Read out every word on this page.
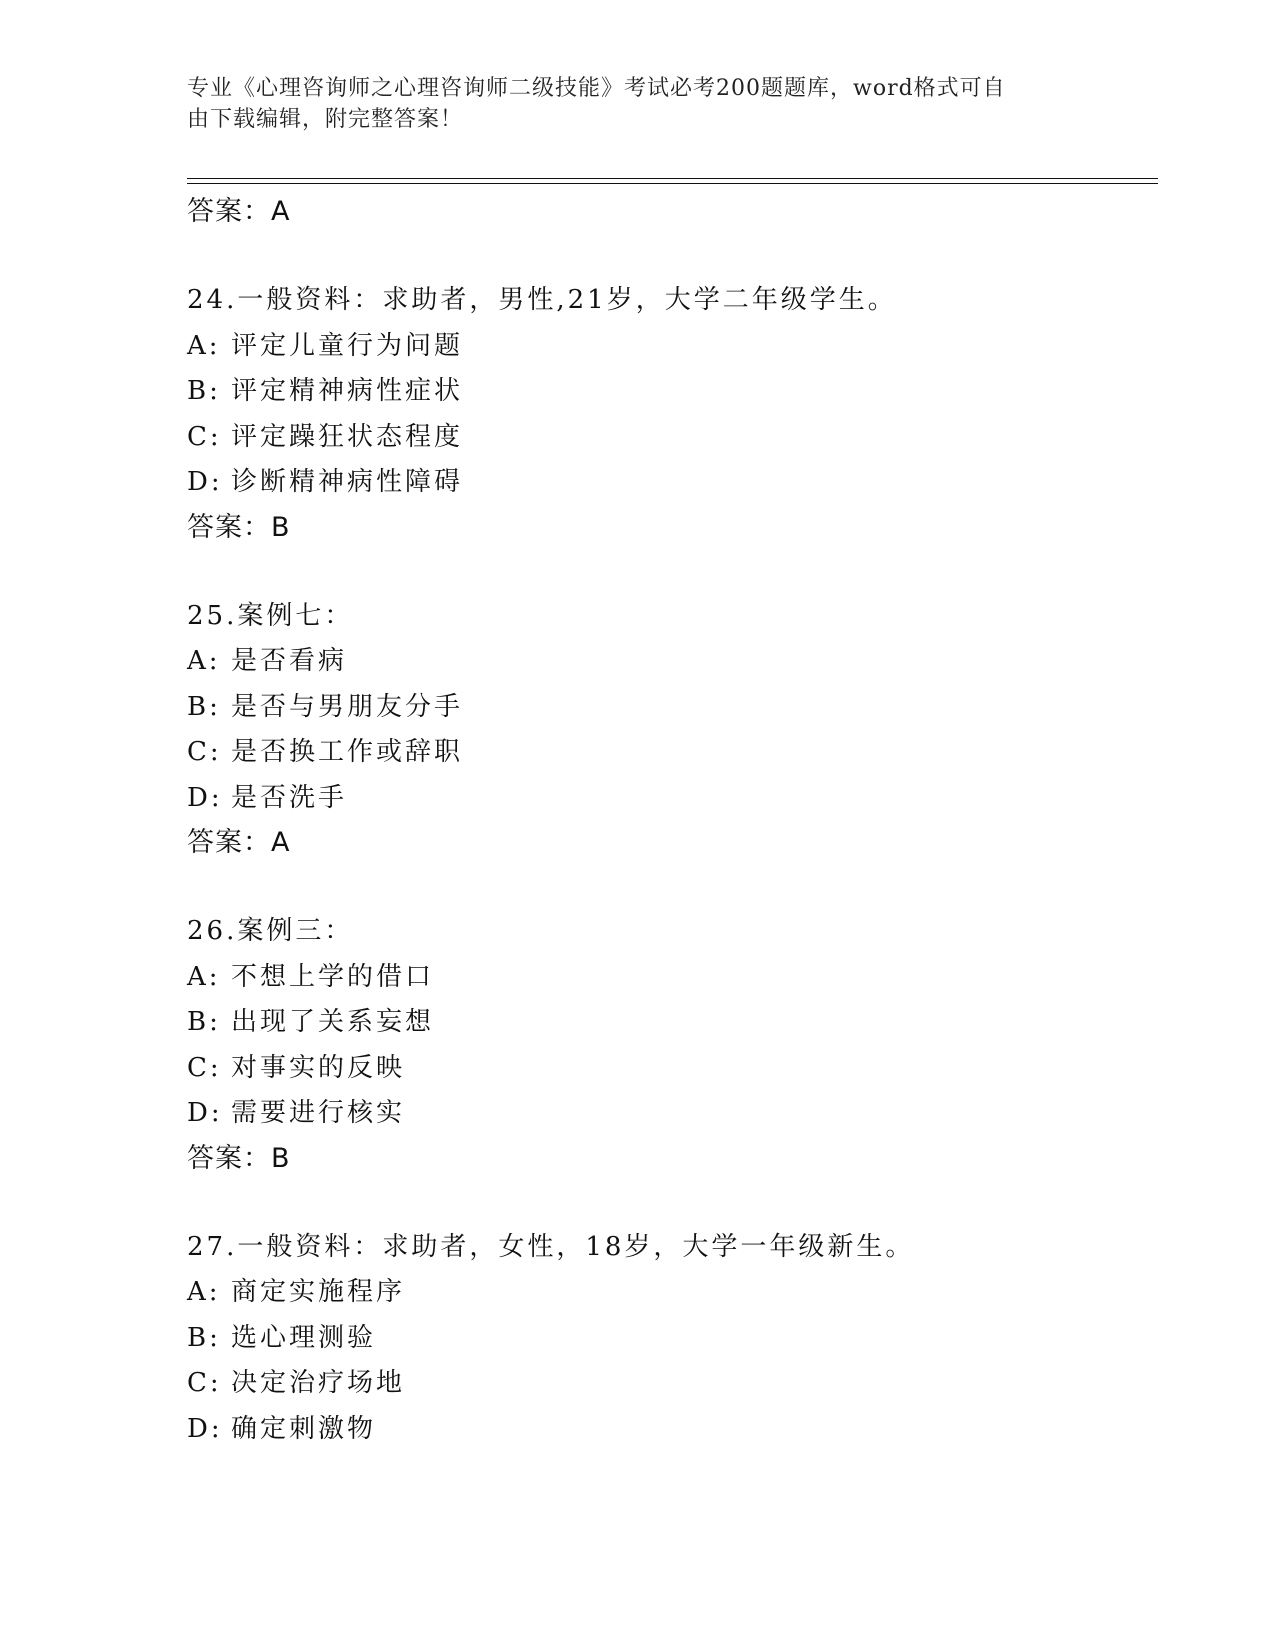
专业《心理咨询师之心理咨询师二级技能》考试必考200题题库，word格式可自
由下载编辑，附完整答案！
答案：A
24.一般资料：求助者，男性,21岁，大学二年级学生。
A: 评定儿童行为问题
B: 评定精神病性症状
C: 评定躁狂状态程度
D: 诊断精神病性障碍
答案：B
25.案例七：
A: 是否看病
B: 是否与男朋友分手
C: 是否换工作或辞职
D: 是否洗手
答案：A
26.案例三：
A: 不想上学的借口
B: 出现了关系妄想
C: 对事实的反映
D: 需要进行核实
答案：B
27.一般资料：求助者，女性，18岁，大学一年级新生。
A: 商定实施程序
B: 选心理测验
C: 决定治疗场地
D: 确定刺激物
